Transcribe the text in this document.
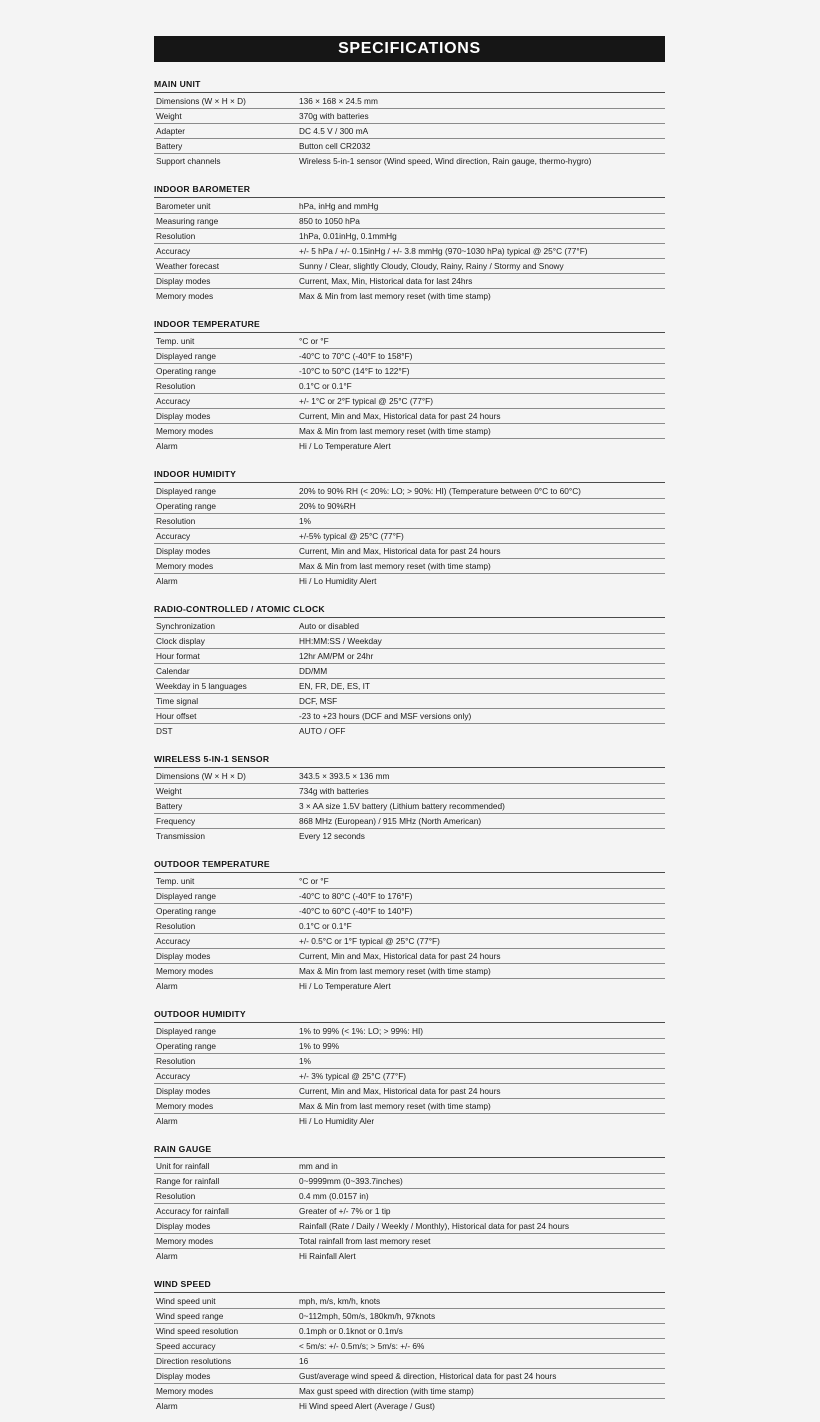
SPECIFICATIONS
MAIN UNIT
Dimensions (W × H × D)	136 × 168 × 24.5 mm
Weight	370g with batteries
Adapter	DC 4.5 V / 300 mA
Battery	Button cell CR2032
Support channels	Wireless 5-in-1 sensor (Wind speed, Wind direction, Rain gauge, thermo-hygro)
INDOOR BAROMETER
Barometer unit	hPa, inHg and mmHg
Measuring range	850 to 1050 hPa
Resolution	1hPa, 0.01inHg, 0.1mmHg
Accuracy	+/- 5 hPa / +/- 0.15inHg / +/- 3.8 mmHg (970~1030 hPa) typical @ 25°C (77°F)
Weather forecast	Sunny / Clear, slightly Cloudy, Cloudy, Rainy, Rainy / Stormy and Snowy
Display modes	Current, Max, Min, Historical data for last 24hrs
Memory modes	Max & Min from last memory reset (with time stamp)
INDOOR TEMPERATURE
Temp. unit	°C or °F
Displayed range	-40°C to 70°C (-40°F to 158°F)
Operating range	-10°C to 50°C (14°F to 122°F)
Resolution	0.1°C or 0.1°F
Accuracy	+/- 1°C or 2°F typical @ 25°C (77°F)
Display modes	Current, Min and Max, Historical data for past 24 hours
Memory modes	Max & Min from last memory reset (with time stamp)
Alarm	Hi / Lo Temperature Alert
INDOOR HUMIDITY
Displayed range	20% to 90% RH (< 20%: LO; > 90%: HI) (Temperature between 0°C to 60°C)
Operating range	20% to 90%RH
Resolution	1%
Accuracy	+/-5% typical @ 25°C (77°F)
Display modes	Current, Min and Max, Historical data for past 24 hours
Memory modes	Max & Min from last memory reset (with time stamp)
Alarm	Hi / Lo Humidity Alert
RADIO-CONTROLLED / ATOMIC CLOCK
Synchronization	Auto or disabled
Clock display	HH:MM:SS / Weekday
Hour format	12hr AM/PM or 24hr
Calendar	DD/MM
Weekday in 5 languages	EN, FR, DE, ES, IT
Time signal	DCF, MSF
Hour offset	-23 to +23 hours (DCF and MSF versions only)
DST	AUTO / OFF
WIRELESS 5-IN-1 SENSOR
Dimensions (W × H × D)	343.5 × 393.5 × 136 mm
Weight	734g with batteries
Battery	3 × AA size 1.5V battery (Lithium battery recommended)
Frequency	868 MHz (European) / 915 MHz (North American)
Transmission	Every 12 seconds
OUTDOOR TEMPERATURE
Temp. unit	°C or °F
Displayed range	-40°C to 80°C (-40°F to 176°F)
Operating range	-40°C to 60°C (-40°F to 140°F)
Resolution	0.1°C or 0.1°F
Accuracy	+/- 0.5°C or 1°F typical @ 25°C (77°F)
Display modes	Current, Min and Max, Historical data for past 24 hours
Memory modes	Max & Min from last memory reset (with time stamp)
Alarm	Hi / Lo Temperature Alert
OUTDOOR HUMIDITY
Displayed range	1% to 99% (< 1%: LO; > 99%: HI)
Operating range	1% to 99%
Resolution	1%
Accuracy	+/- 3% typical @ 25°C (77°F)
Display modes	Current, Min and Max, Historical data for past 24 hours
Memory modes	Max & Min from last memory reset (with time stamp)
Alarm	Hi / Lo Humidity Aler
RAIN GAUGE
Unit for rainfall	mm and in
Range for rainfall	0~9999mm (0~393.7inches)
Resolution	0.4 mm (0.0157 in)
Accuracy for rainfall	Greater of +/- 7% or 1 tip
Display modes	Rainfall (Rate / Daily / Weekly / Monthly), Historical data for past 24 hours
Memory modes	Total rainfall from last memory reset
Alarm	Hi Rainfall Alert
WIND SPEED
Wind speed unit	mph, m/s, km/h, knots
Wind speed range	0~112mph, 50m/s, 180km/h, 97knots
Wind speed resolution	0.1mph or 0.1knot or 0.1m/s
Speed accuracy	< 5m/s: +/- 0.5m/s; > 5m/s: +/- 6%
Direction resolutions	16
Display modes	Gust/average wind speed & direction, Historical data for past 24 hours
Memory modes	Max gust speed with direction (with time stamp)
Alarm	Hi Wind speed Alert (Average / Gust)
